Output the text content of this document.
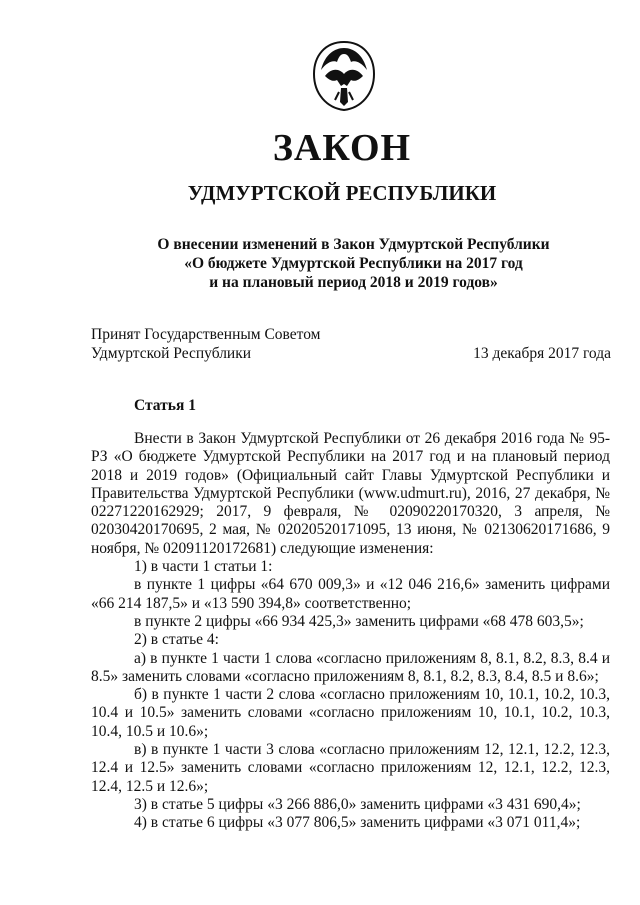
ЗАКОН
УДМУРТСКОЙ РЕСПУБЛИКИ
О внесении изменений в Закон Удмуртской Республики
«О бюджете Удмуртской Республики на 2017 год
и на плановый период 2018 и 2019 годов»
Принят Государственным Советом
Удмуртской Республики	13 декабря 2017 года
Статья 1

Внести в Закон Удмуртской Республики от 26 декабря 2016 года № 95-РЗ «О бюджете Удмуртской Республики на 2017 год и на плановый период 2018 и 2019 годов» (Официальный сайт Главы Удмуртской Республики и Правительства Удмуртской Республики (www.udmurt.ru), 2016, 27 декабря, № 02271220162929; 2017, 9 февраля, № 02090220170320, 3 апреля, № 02030420170695, 2 мая, № 02020520171095, 13 июня, № 02130620171686, 9 ноября, № 02091120172681) следующие изменения:

1) в части 1 статьи 1:

в пункте 1 цифры «64 670 009,3» и «12 046 216,6» заменить цифрами «66 214 187,5» и «13 590 394,8» соответственно;

в пункте 2 цифры «66 934 425,3» заменить цифрами «68 478 603,5»;

2) в статье 4:

а) в пункте 1 части 1 слова «согласно приложениям 8, 8.1, 8.2, 8.3, 8.4 и 8.5» заменить словами «согласно приложениям 8, 8.1, 8.2, 8.3, 8.4, 8.5 и 8.6»;

б) в пункте 1 части 2 слова «согласно приложениям 10, 10.1, 10.2, 10.3, 10.4 и 10.5» заменить словами «согласно приложениям 10, 10.1, 10.2, 10.3, 10.4, 10.5 и 10.6»;

в) в пункте 1 части 3 слова «согласно приложениям 12, 12.1, 12.2, 12.3, 12.4 и 12.5» заменить словами «согласно приложениям 12, 12.1, 12.2, 12.3, 12.4, 12.5 и 12.6»;

3) в статье 5 цифры «3 266 886,0» заменить цифрами «3 431 690,4»;

4) в статье 6 цифры «3 077 806,5» заменить цифрами «3 071 011,4»;
